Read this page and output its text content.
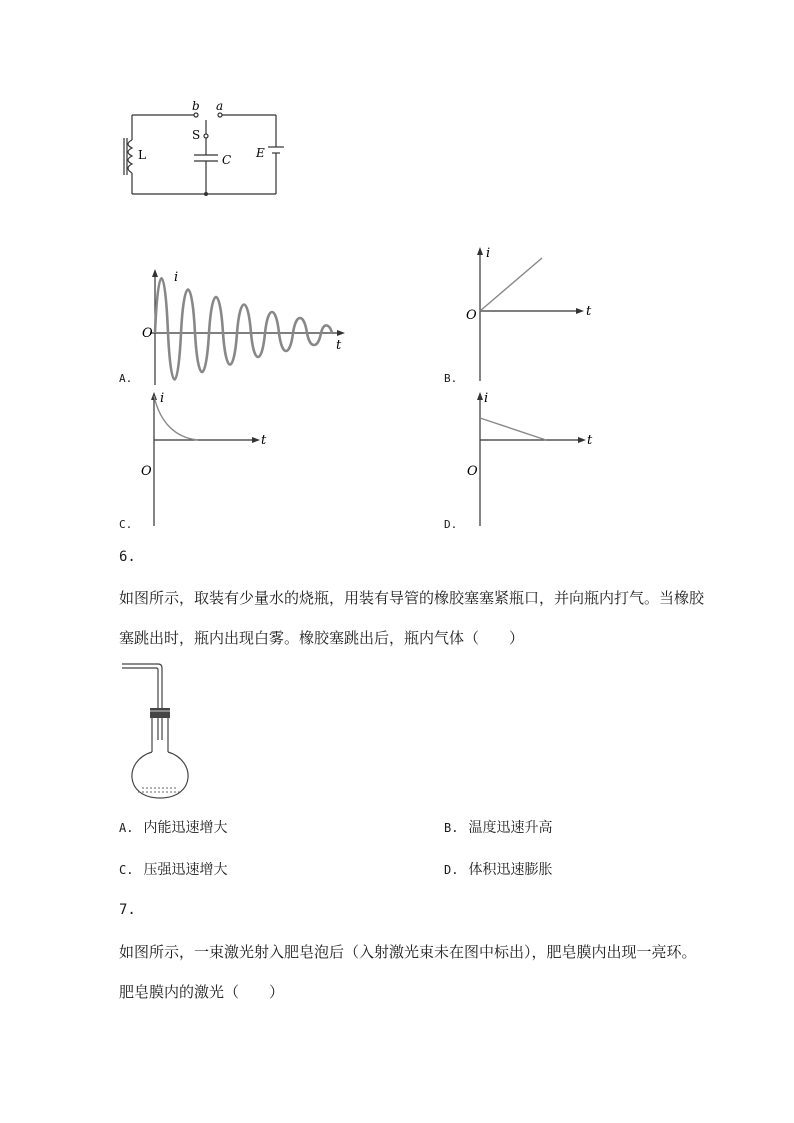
b a
S
L	C E
i
t
O
A.
i
t
O
B.
i
t
O
C.
i
t
O
D.
6.
如图所示，取装有少量水的烧瓶，用装有导管的橡胶塞塞紧瓶口，并向瓶内打气。当橡胶
塞跳出时，瓶内出现白雾。橡胶塞跳出后，瓶内气体（　　）
A. 内能迅速增大	B. 温度迅速升高
C. 压强迅速增大	D. 体积迅速膨胀
7.
如图所示，一束激光射入肥皂泡后（入射激光束未在图中标出），肥皂膜内出现一亮环。
肥皂膜内的激光（　　）
